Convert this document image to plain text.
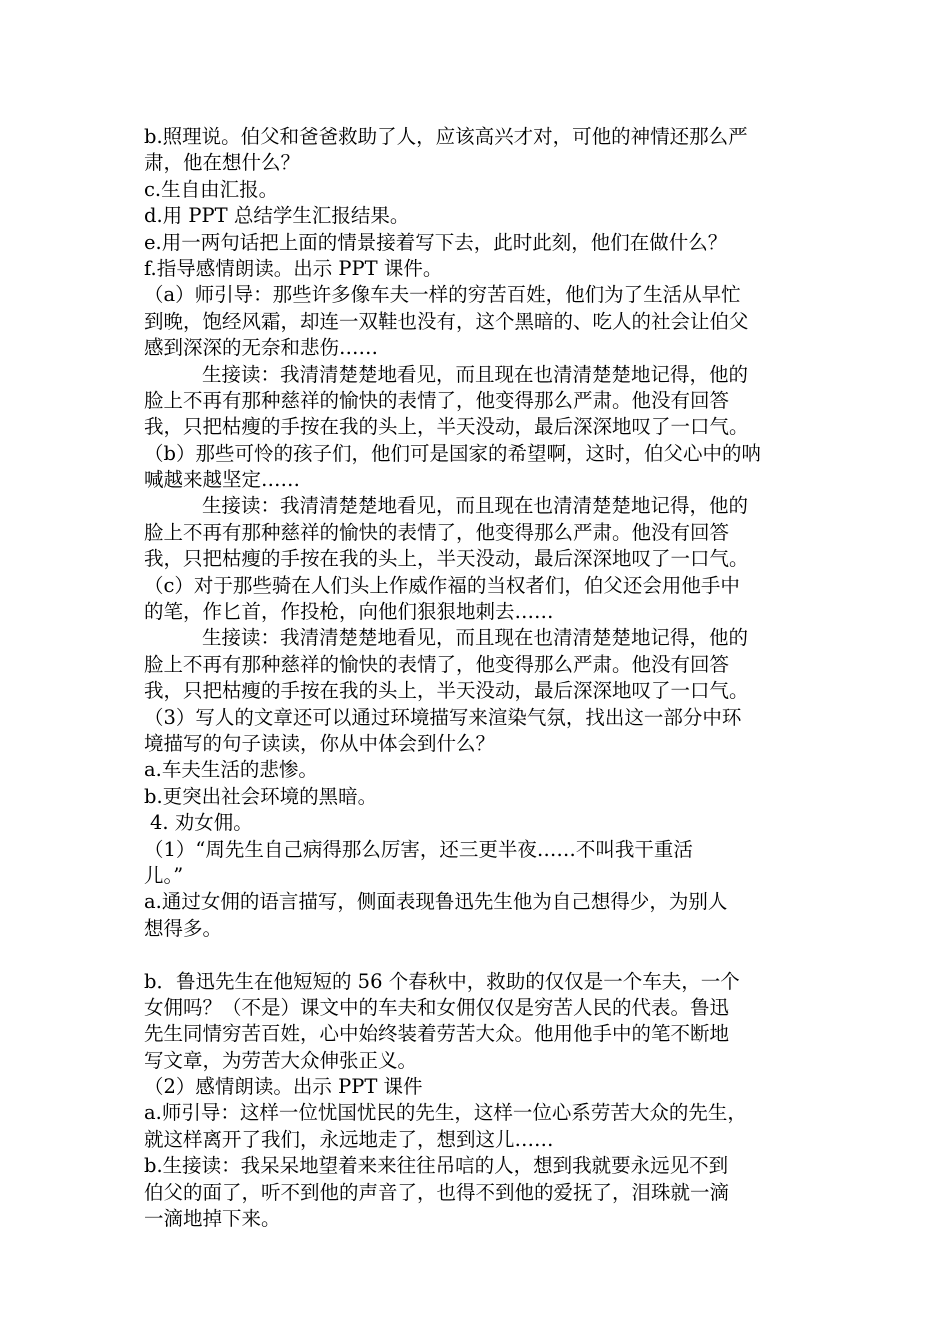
b.照理说。伯父和爸爸救助了人，应该高兴才对，可他的神情还那么严
肃，他在想什么？
c.生自由汇报。
d.用 PPT 总结学生汇报结果。
e.用一两句话把上面的情景接着写下去，此时此刻，他们在做什么？
f.指导感情朗读。出示 PPT 课件。
（a）师引导：那些许多像车夫一样的穷苦百姓，他们为了生活从早忙
到晚，饱经风霜，却连一双鞋也没有，这个黑暗的、吃人的社会让伯父
感到深深的无奈和悲伤……
生接读：我清清楚楚地看见，而且现在也清清楚楚地记得，他的
脸上不再有那种慈祥的愉快的表情了，他变得那么严肃。他没有回答
我，只把枯瘦的手按在我的头上，半天没动，最后深深地叹了一口气。
（b）那些可怜的孩子们，他们可是国家的希望啊，这时，伯父心中的呐
喊越来越坚定……
生接读：我清清楚楚地看见，而且现在也清清楚楚地记得，他的
脸上不再有那种慈祥的愉快的表情了，他变得那么严肃。他没有回答
我，只把枯瘦的手按在我的头上，半天没动，最后深深地叹了一口气。
（c）对于那些骑在人们头上作威作福的当权者们，伯父还会用他手中
的笔，作匕首，作投枪，向他们狠狠地刺去……
生接读：我清清楚楚地看见，而且现在也清清楚楚地记得，他的
脸上不再有那种慈祥的愉快的表情了，他变得那么严肃。他没有回答
我，只把枯瘦的手按在我的头上，半天没动，最后深深地叹了一口气。
（3）写人的文章还可以通过环境描写来渲染气氛，找出这一部分中环
境描写的句子读读，你从中体会到什么？
a.车夫生活的悲惨。
b.更突出社会环境的黑暗。
4. 劝女佣。
（1）“周先生自己病得那么厉害，还三更半夜……不叫我干重活
儿。”
a.通过女佣的语言描写，侧面表现鲁迅先生他为自己想得少，为别人
想得多。
b．鲁迅先生在他短短的 56 个春秋中，救助的仅仅是一个车夫，一个
女佣吗？（不是）课文中的车夫和女佣仅仅是穷苦人民的代表。鲁迅
先生同情穷苦百姓，心中始终装着劳苦大众。他用他手中的笔不断地
写文章，为劳苦大众伸张正义。
（2）感情朗读。出示 PPT 课件
a.师引导：这样一位忧国忧民的先生，这样一位心系劳苦大众的先生，
就这样离开了我们，永远地走了，想到这儿……
b.生接读：我呆呆地望着来来往往吊唁的人，想到我就要永远见不到
伯父的面了，听不到他的声音了，也得不到他的爱抚了，泪珠就一滴
一滴地掉下来。
